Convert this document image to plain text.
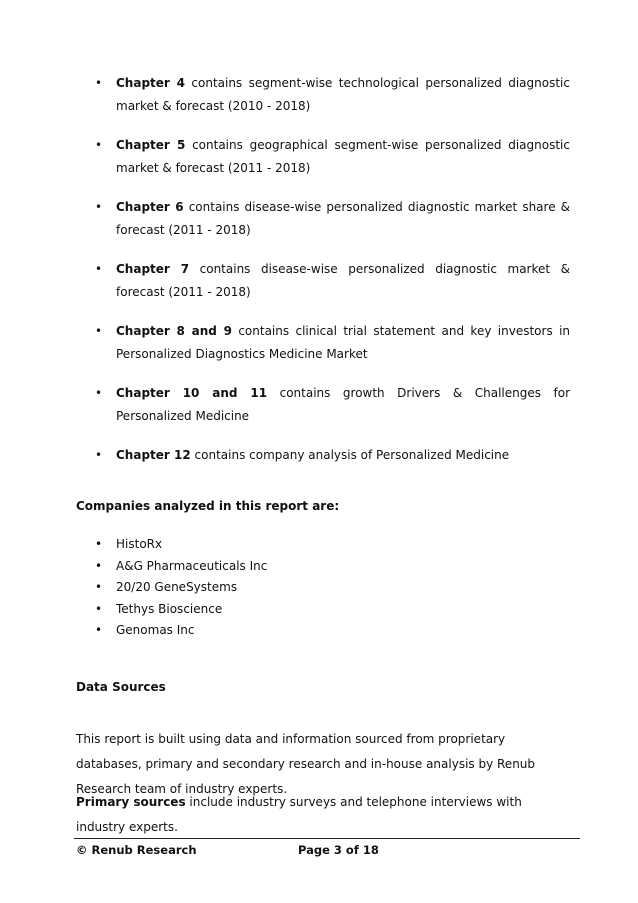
• Chapter 4 contains segment-wise technological personalized diagnostic market & forecast (2010 - 2018)
• Chapter 5 contains geographical segment-wise personalized diagnostic market & forecast (2011 - 2018)
• Chapter 6 contains disease-wise personalized diagnostic market share & forecast (2011 - 2018)
• Chapter 7 contains disease-wise personalized diagnostic market & forecast (2011 - 2018)
• Chapter 8 and 9 contains clinical trial statement and key investors in Personalized Diagnostics Medicine Market
• Chapter 10 and 11 contains growth Drivers & Challenges for Personalized Medicine
• Chapter 12 contains company analysis of Personalized Medicine
Companies analyzed in this report are:
• HistoRx
• A&G Pharmaceuticals Inc
• 20/20 GeneSystems
• Tethys Bioscience
• Genomas Inc
Data Sources

This report is built using data and information sourced from proprietary databases, primary and secondary research and in-house analysis by Renub Research team of industry experts.

Primary sources include industry surveys and telephone interviews with industry experts.

© Renub Research	Page 3 of 18
